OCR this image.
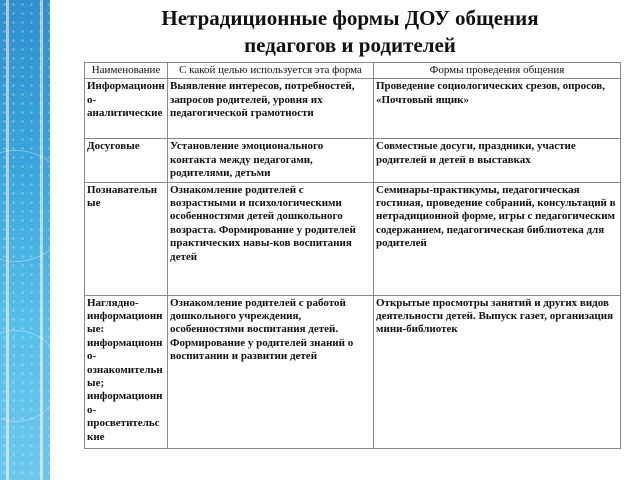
Нетрадиционные формы ДОУ общения
педагогов и родителей
Наименование	С какой целью используется эта форма	Формы проведения общения
Информационно-аналитические	Выявление интересов, потребностей, запросов родителей, уровня их педагогической грамотности	Проведение социологических срезов, опросов, «Почтовый ящик»
Досуговые	Установление эмоционального контакта между педагогами, родителями, детьми	Совместные досуги, праздники, участие родителей и детей в выставках
Познавательные	Ознакомление родителей с возрастными и психологическими особенностями детей дошкольного возраста. Формирование у родителей практических навы-ков воспитания детей	Семинары-практикумы, педагогическая гостиная, проведение собраний, консультаций в нетрадиционной форме, игры с педагогическим содержанием, педагогическая библиотека для родителей
Наглядно-информационные: информационно-ознакомительные; информационно-просветительские	Ознакомление родителей с работой дошкольного учреждения, особенностями воспитания детей. Формирование у родителей знаний о воспитании и развитии детей	Открытые просмотры занятий и других видов деятельности детей. Выпуск газет, организация мини-библиотек
